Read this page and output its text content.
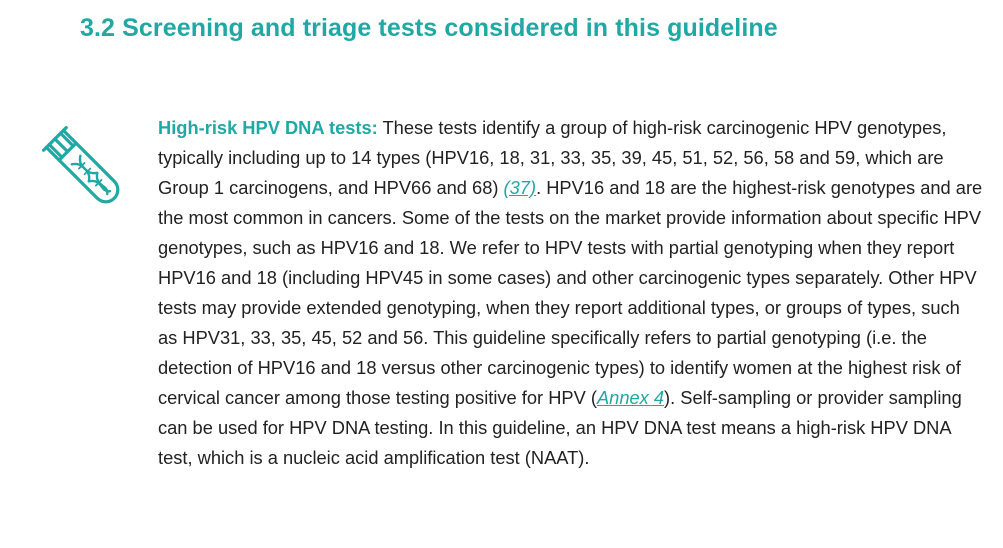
3.2 Screening and triage tests considered in this guideline

High-risk HPV DNA tests: These tests identify a group of high-risk carcinogenic HPV genotypes, typically including up to 14 types (HPV16, 18, 31, 33, 35, 39, 45, 51, 52, 56, 58 and 59, which are Group 1 carcinogens, and HPV66 and 68) (37). HPV16 and 18 are the highest-risk genotypes and are the most common in cancers. Some of the tests on the market provide information about specific HPV genotypes, such as HPV16 and 18. We refer to HPV tests with partial genotyping when they report HPV16 and 18 (including HPV45 in some cases) and other carcinogenic types separately. Other HPV tests may provide extended genotyping, when they report additional types, or groups of types, such as HPV31, 33, 35, 45, 52 and 56. This guideline specifically refers to partial genotyping (i.e. the detection of HPV16 and 18 versus other carcinogenic types) to identify women at the highest risk of cervical cancer among those testing positive for HPV (Annex 4). Self-sampling or provider sampling can be used for HPV DNA testing. In this guideline, an HPV DNA test means a high-risk HPV DNA test, which is a nucleic acid amplification test (NAAT).
